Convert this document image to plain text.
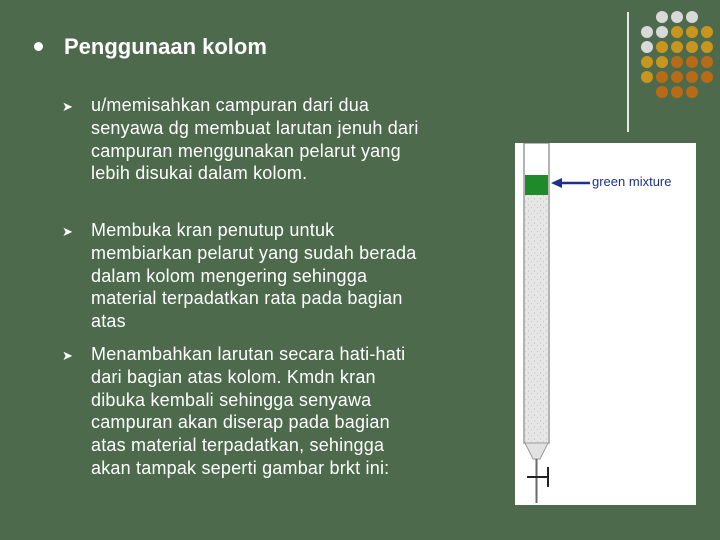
Penggunaan kolom
➤ u/memisahkan campuran dari dua
senyawa dg membuat larutan jenuh dari
campuran menggunakan pelarut yang
lebih disukai dalam kolom.
➤ Membuka kran penutup untuk
membiarkan pelarut yang sudah berada
dalam kolom mengering sehingga
material terpadatkan rata pada bagian
atas
➤ Menambahkan larutan secara hati-hati
dari bagian atas kolom. Kmdn kran
dibuka kembali sehingga senyawa
campuran akan diserap pada bagian
atas material terpadatkan, sehingga
akan tampak seperti gambar brkt ini:
green mixture
